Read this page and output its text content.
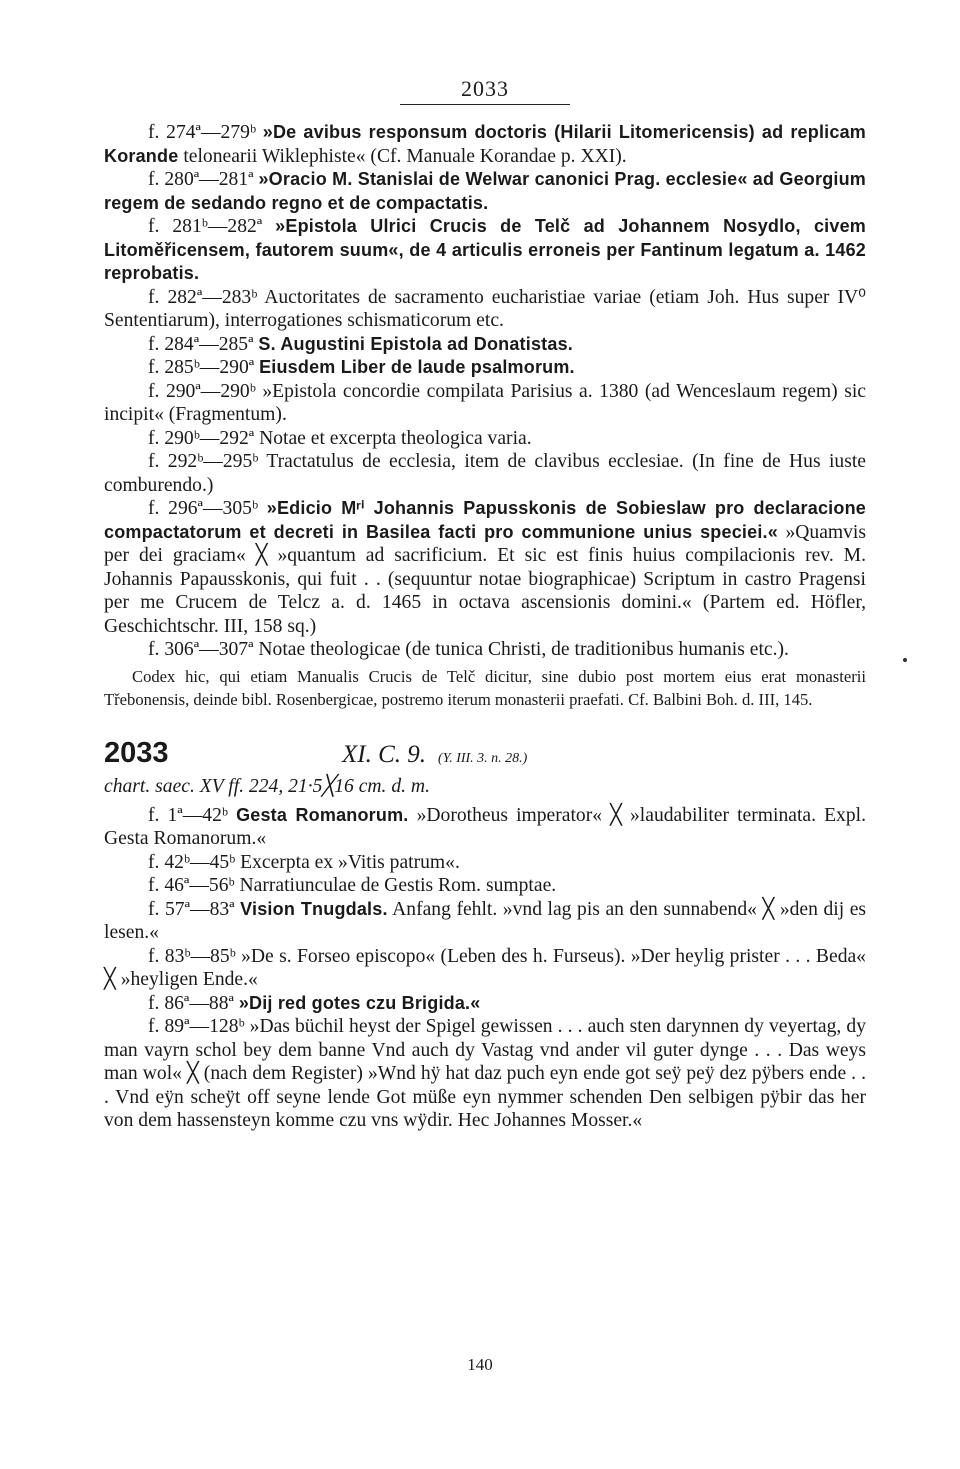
2033

f. 274ª—279ᵇ »De avibus responsum doctoris (Hilarii Litomericensis) ad replicam Korande telonearii Wiklephiste« (Cf. Manuale Korandae p. XXI).

f. 280ª—281ª »Oracio M. Stanislai de Welwar canonici Prag. ecclesie« ad Georgium regem de sedando regno et de compactatis.

f. 281ᵇ—282ª »Epistola Ulrici Crucis de Telč ad Johannem Nosydlo, civem Litoměřicensem, fautorem suum«, de 4 articulis erroneis per Fantinum legatum a. 1462 reprobatis.

f. 282ª—283ᵇ Auctoritates de sacramento eucharistiae variae (etiam Joh. Hus super IV⁰ Sententiarum), interrogationes schismaticorum etc.

f. 284ª—285ª S. Augustini Epistola ad Donatistas.

f. 285ᵇ—290ª Eiusdem Liber de laude psalmorum.

f. 290ª—290ᵇ »Epistola concordie compilata Parisius a. 1380 (ad Wenceslaum regem) sic incipit« (Fragmentum).

f. 290ᵇ—292ª Notae et excerpta theologica varia.

f. 292ᵇ—295ᵇ Tractatulus de ecclesia, item de clavibus ecclesiae. (In fine de Hus iuste comburendo.)

f. 296ª—305ᵇ »Edicio Mʳⁱ Johannis Papusskonis de Sobieslaw pro declaracione compactatorum et decreti in Basilea facti pro communione unius speciei.« »Quamvis per dei graciam« ╳ »quantum ad sacrificium. Et sic est finis huius compilacionis rev. M. Johannis Papausskonis, qui fuit . . (sequuntur notae biographicae) Scriptum in castro Pragensi per me Crucem de Telcz a. d. 1465 in octava ascensionis domini.« (Partem ed. Höfler, Geschichtschr. III, 158 sq.)

f. 306ª—307ª Notae theologicae (de tunica Christi, de traditionibus humanis etc.).

Codex hic, qui etiam Manualis Crucis de Telč dicitur, sine dubio post mortem eius erat monasterii Třebonensis, deinde bibl. Rosenbergicae, postremo iterum monasterii praefati. Cf. Balbini Boh. d. III, 145.
2033	XI. C. 9. (Y. III. 3. n. 28.)
chart. saec. XV ff. 224, 21·5╳16 cm. d. m.

f. 1ª—42ᵇ Gesta Romanorum. »Dorotheus imperator« ╳ »laudabiliter terminata. Expl. Gesta Romanorum.«

f. 42ᵇ—45ᵇ Excerpta ex »Vitis patrum«.

f. 46ª—56ᵇ Narratiunculae de Gestis Rom. sumptae.

f. 57ª—83ª Vision Tnugdals. Anfang fehlt. »vnd lag pis an den sunnabend« ╳ »den dij es lesen.«

f. 83ᵇ—85ᵇ »De s. Forseo episcopo« (Leben des h. Furseus). »Der heylig prister . . . Beda« ╳ »heyligen Ende.«

f. 86ª—88ª »Dij red gotes czu Brigida.«

f. 89ª—128ᵇ »Das büchil heyst der Spigel gewissen . . . auch sten darynnen dy veyertag, dy man vayrn schol bey dem banne Vnd auch dy Vastag vnd ander vil guter dynge . . . Das weys man wol« ╳ (nach dem Register) »Wnd hÿ hat daz puch eyn ende got seÿ peÿ dez pÿbers ende . . . Vnd eÿn scheÿt off seyne lende Got müße eyn nymmer schenden Den selbigen pÿbir das her von dem hassensteyn komme czu vns wÿdir. Hec Johannes Mosser.«

140
